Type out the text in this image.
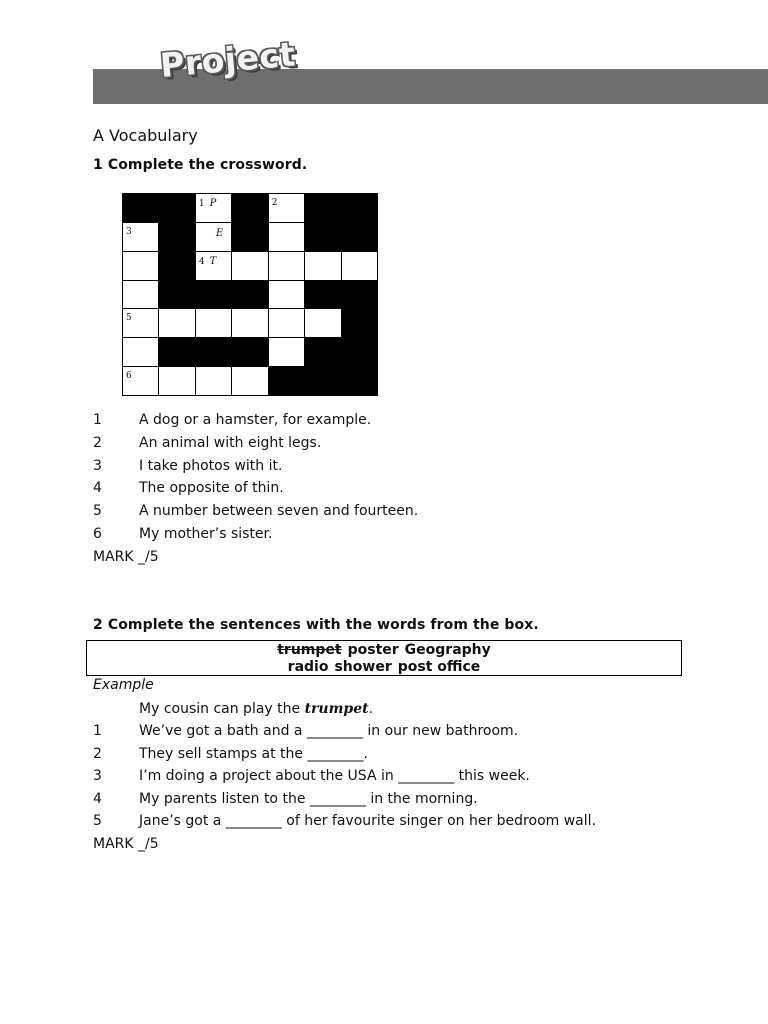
Project
A Vocabulary
1 Complete the crossword.
1 P	2
3	E
4 T
5
6
1	A dog or a hamster, for example.
2	An animal with eight legs.
3	I take photos with it.
4	The opposite of thin.
5	A number between seven and fourteen.
6	My mother’s sister.
MARK _/5
2 Complete the sentences with the words from the box.
trumpet poster Geography
radio shower post office
Example
My cousin can play the trumpet.
1	We’ve got a bath and a ________ in our new bathroom.
2	They sell stamps at the ________.
3	I’m doing a project about the USA in ________ this week.
4	My parents listen to the ________ in the morning.
5	Jane’s got a ________ of her favourite singer on her bedroom wall.
MARK _/5
